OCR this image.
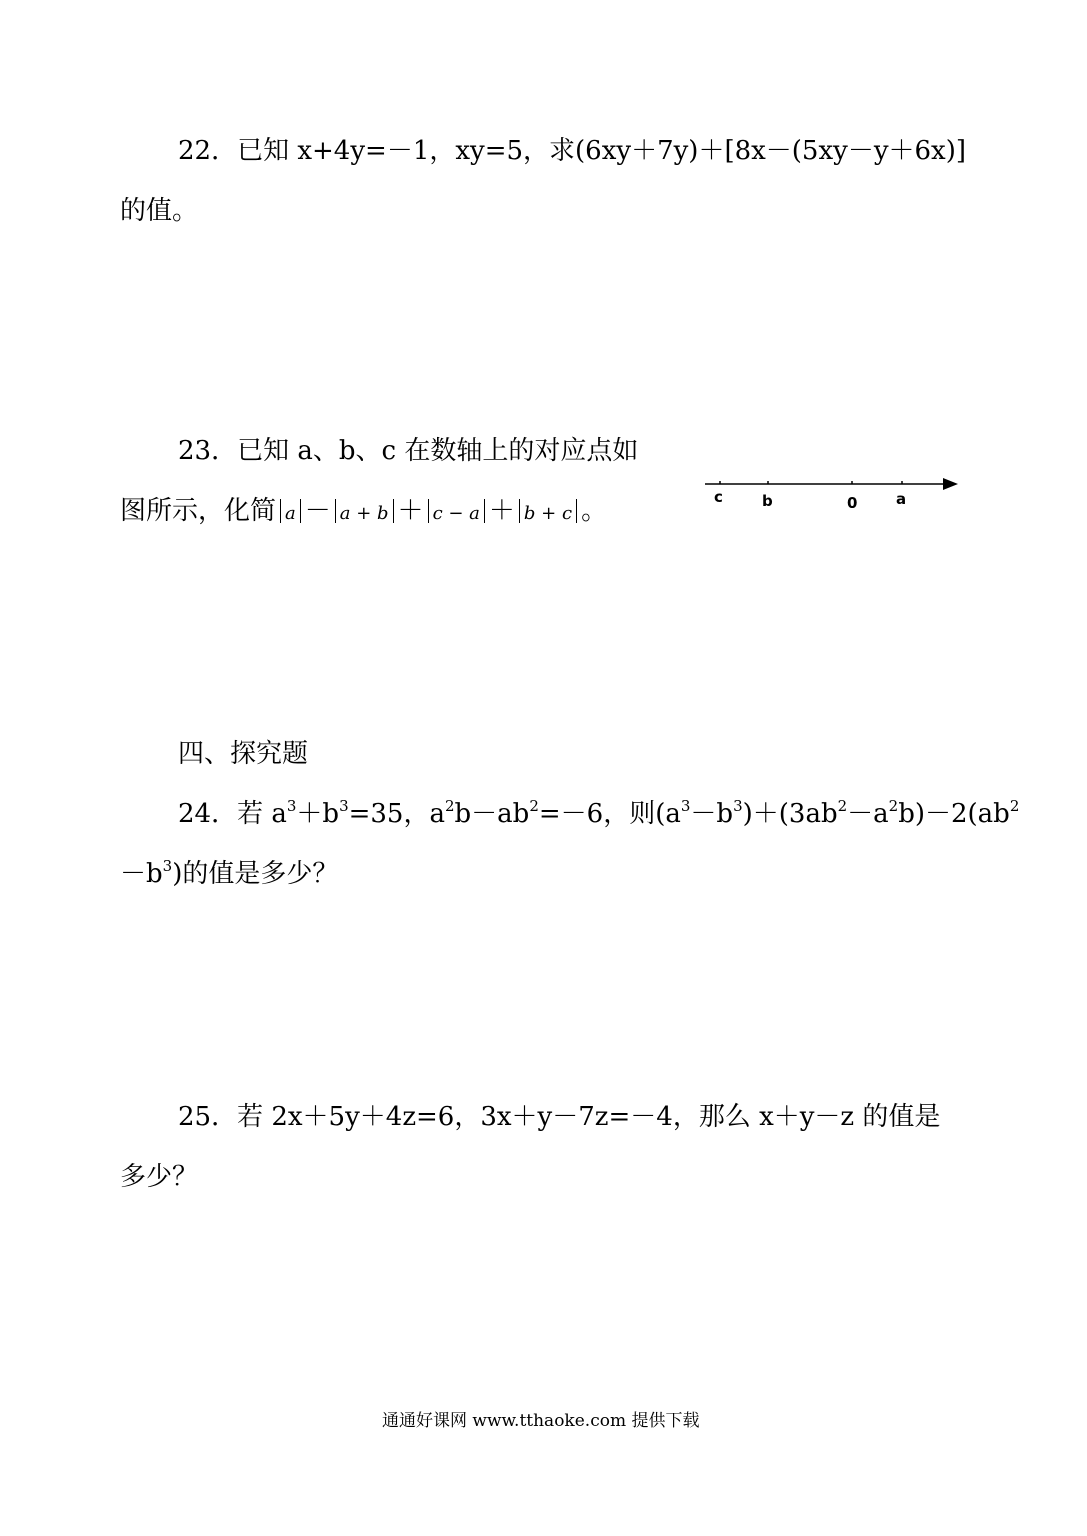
22．已知 x+4y=－1，xy=5，求(6xy＋7y)＋[8x－(5xy－y＋6x)]
的值。
23．已知 a、b、c 在数轴上的对应点如
图所示，化简 a － a + b ＋ c − a ＋ b + c 。	c	b	0	a
四、探究题
24．若 $a^3+b^3=35$，$a^2b-ab^2=-6$，则$(a^3-b^3)+(3ab^2-a^2b)-2(ab^2$
$-b^3$)的值是多少？
25．若 2x＋5y＋4z=6，3x＋y－7z=－4，那么 x＋y－z 的值是
多少？
通通好课网 www.tthaoke.com 提供下载
